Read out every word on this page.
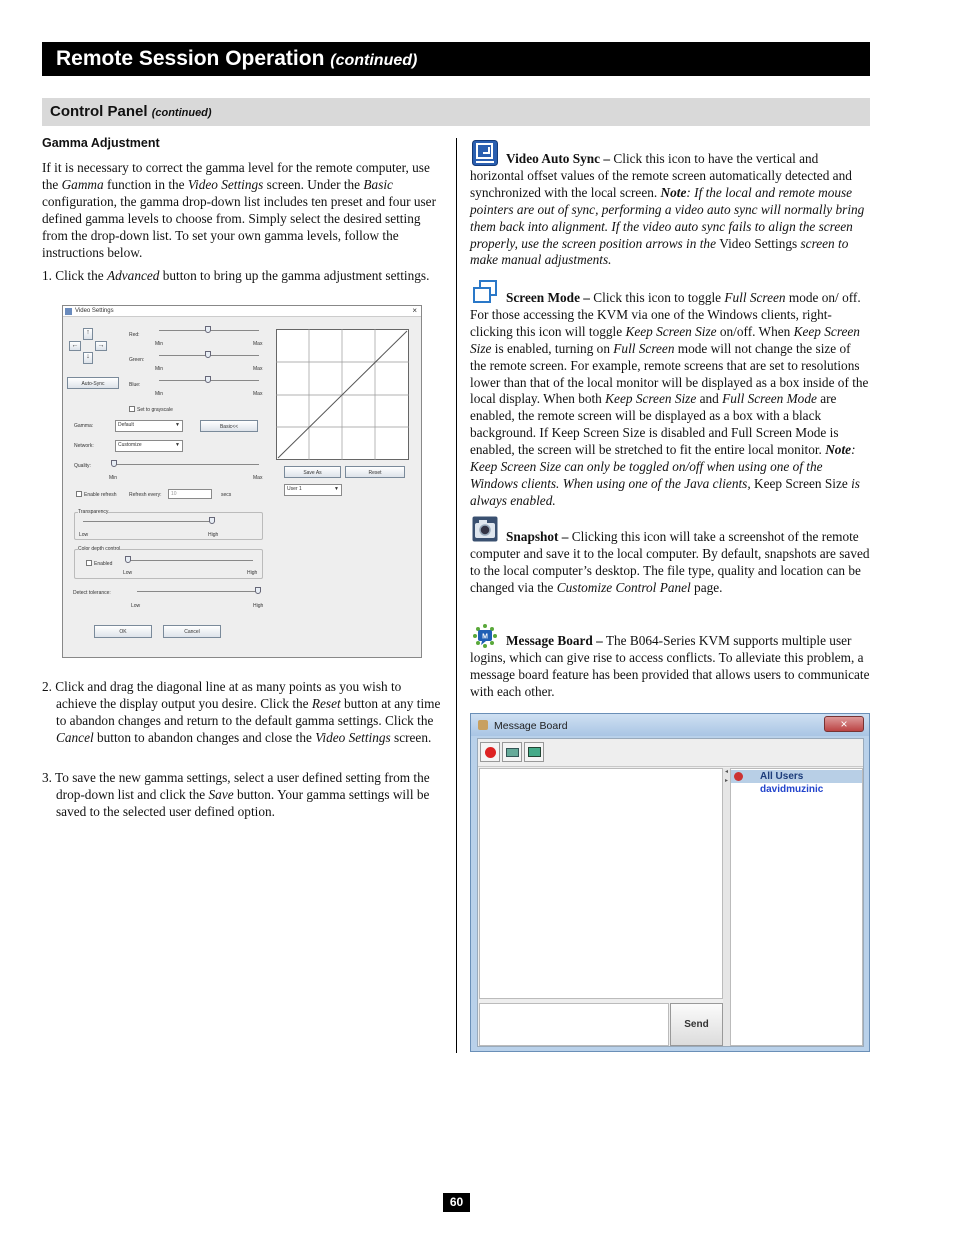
Remote Session Operation (continued)
Control Panel (continued)
Gamma Adjustment
If it is necessary to correct the gamma level for the remote computer, use the Gamma function in the Video Settings screen. Under the Basic configuration, the gamma drop-down list includes ten preset and four user defined gamma levels to choose from. Simply select the desired setting from the drop-down list. To set your own gamma levels, follow the instructions below.
1. Click the Advanced button to bring up the gamma adjustment settings.
Video Settings	×
↑
←	→
↓
Auto-Sync
Red:
Min	Max
Green:
Min	Max
Blue:
Min	Max
Set to grayscale
Gamma:	Default	▼	Basic<<
Network:	Customize	▼
Quality:
Min	Max
Save As	Reset
User 1	▼
Enable refresh Refresh every:	10	secs
Transparency
Low	High
Color depth control
Enabled
Low	High
Detect tolerance:
Low	High
OK	Cancel
2. Click and drag the diagonal line at as many points as you wish to achieve the display output you desire. Click the Reset button at any time to abandon changes and return to the default gamma settings. Click the Cancel button to abandon changes and close the Video Settings screen.
3. To save the new gamma settings, select a user defined setting from the drop-down list and click the Save button. Your gamma settings will be saved to the selected user defined option.
Video Auto Sync – Click this icon to have the vertical and horizontal offset values of the remote screen automatically detected and synchronized with the local screen. Note: If the local and remote mouse pointers are out of sync, performing a video auto sync will normally bring them back into alignment. If the video auto sync fails to align the screen properly, use the screen position arrows in the Video Settings screen to make manual adjustments.
Screen Mode – Click this icon to toggle Full Screen mode on/ off. For those accessing the KVM via one of the Windows clients, right-clicking this icon will toggle Keep Screen Size on/off. When Keep Screen Size is enabled, turning on Full Screen mode will not change the size of the remote screen. For example, remote screens that are set to resolutions lower than that of the local monitor will be displayed as a box inside of the local display. When both Keep Screen Size and Full Screen Mode are enabled, the remote screen will be displayed as a box with a black background. If Keep Screen Size is disabled and Full Screen Mode is enabled, the screen will be stretched to fit the entire local monitor. Note: Keep Screen Size can only be toggled on/off when using one of the Windows clients. When using one of the Java clients, Keep Screen Size is always enabled.
Snapshot – Clicking this icon will take a screenshot of the remote computer and save it to the local computer. By default, snapshots are saved to the local computer’s desktop. The file type, quality and location can be changed via the Customize Control Panel page.
M	Message Board – The B064-Series KVM supports multiple user logins, which can give rise to access conflicts. To alleviate this problem, a message board feature has been provided that allows users to communicate with each other.
Message Board	×
◂
▸	All Users
davidmuzinic
Send
60
